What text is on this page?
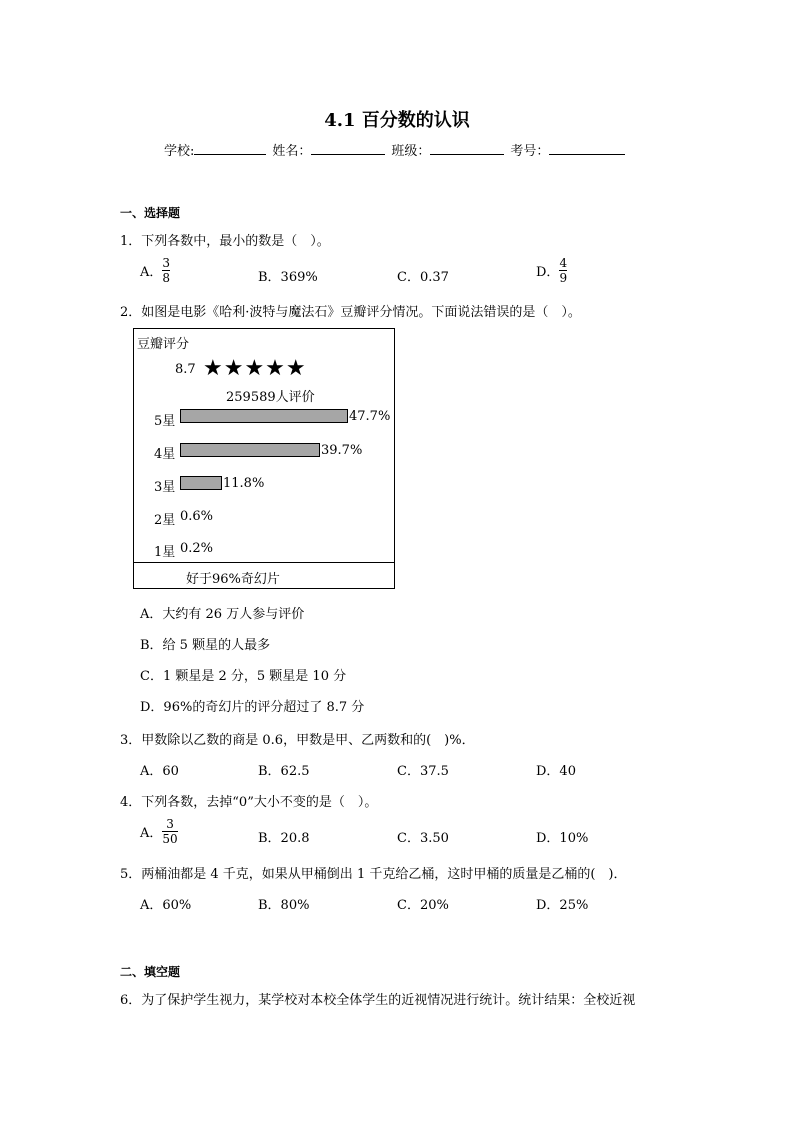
4.1 百分数的认识
学校:	姓名：	班级：	考号：
一、选择题
1．下列各数中，最小的数是（　）。
A． $\frac{3}{8}$	B．369%	C．0.37	D． $\frac{4}{9}$
2．如图是电影《哈利·波特与魔法石》豆瓣评分情况。下面说法错误的是（　）。
豆瓣评分
8.7 ★★★★★
259589人评价
5星	47.7%
4星	39.7%
3星	11.8%
2星 0.6%
1星 0.2%
好于96%奇幻片
A．大约有 26 万人参与评价
B．给 5 颗星的人最多
C．1 颗星是 2 分，5 颗星是 10 分
D．96%的奇幻片的评分超过了 8.7 分
3．甲数除以乙数的商是 0.6，甲数是甲、乙两数和的(　)%．
A．60	B．62.5	C．37.5	D．40
4．下列各数，去掉“0”大小不变的是（　）。
A． $\frac{3}{50}$	B．20.8	C．3.50	D．10%
5．两桶油都是 4 千克，如果从甲桶倒出 1 千克给乙桶，这时甲桶的质量是乙桶的(　)．
A．60%	B．80%	C．20%	D．25%
二、填空题
6．为了保护学生视力，某学校对本校全体学生的近视情况进行统计。统计结果：全校近视
